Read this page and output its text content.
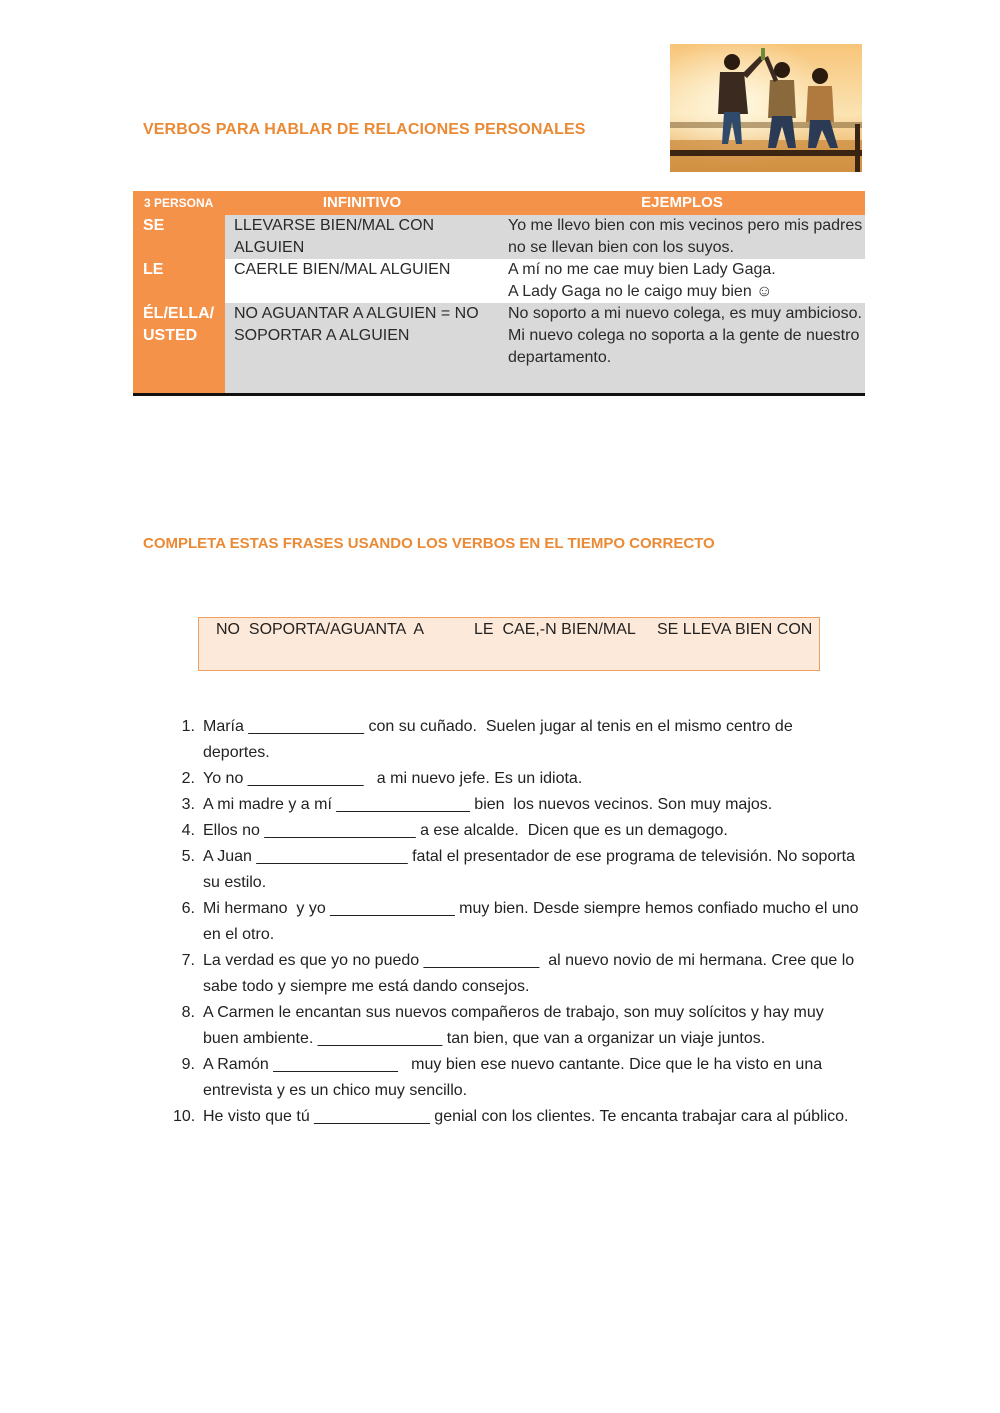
VERBOS PARA HABLAR DE RELACIONES PERSONALES
3 PERSONA	INFINITIVO	EJEMPLOS
SE	LLEVARSE BIEN/MAL CON ALGUIEN	Yo me llevo bien con mis vecinos pero mis padres no se llevan bien con los suyos.
LE	CAERLE BIEN/MAL ALGUIEN	A mí no me cae muy bien Lady Gaga.
A Lady Gaga no le caigo muy bien ☺

ÉL/ELLA/ USTED	NO AGUANTAR A ALGUIEN = NO SOPORTAR A ALGUIEN	No soporto a mi nuevo colega, es muy ambicioso. Mi nuevo colega no soporta a la gente de nuestro departamento.
COMPLETA ESTAS FRASES USANDO LOS VERBOS EN EL TIEMPO CORRECTO
NO  SOPORTA/AGUANTA  A	LE  CAE,-N BIEN/MAL SE LLEVA BIEN CON
1 . María _____________ con su cuñado.  Suelen jugar al tenis en el mismo centro de deportes.
2 . Yo no _____________   a mi nuevo jefe. Es un idiota.
3 . A mi madre y a mí _______________ bien  los nuevos vecinos. Son muy majos.
4 . Ellos no _________________ a ese alcalde.  Dicen que es un demagogo.
5 . A Juan _________________ fatal el presentador de ese programa de televisión. No soporta su estilo.
6 . Mi hermano  y yo ______________ muy bien. Desde siempre hemos confiado mucho el uno en el otro.
7 . La verdad es que yo no puedo _____________  al nuevo novio de mi hermana. Cree que lo sabe todo y siempre me está dando consejos.
8 . A Carmen le encantan sus nuevos compañeros de trabajo, son muy solícitos y hay muy buen ambiente. ______________ tan bien, que van a organizar un viaje juntos.
9 . A Ramón ______________   muy bien ese nuevo cantante. Dice que le ha visto en una entrevista y es un chico muy sencillo.
10 . He visto que tú _____________ genial con los clientes. Te encanta trabajar cara al público.
